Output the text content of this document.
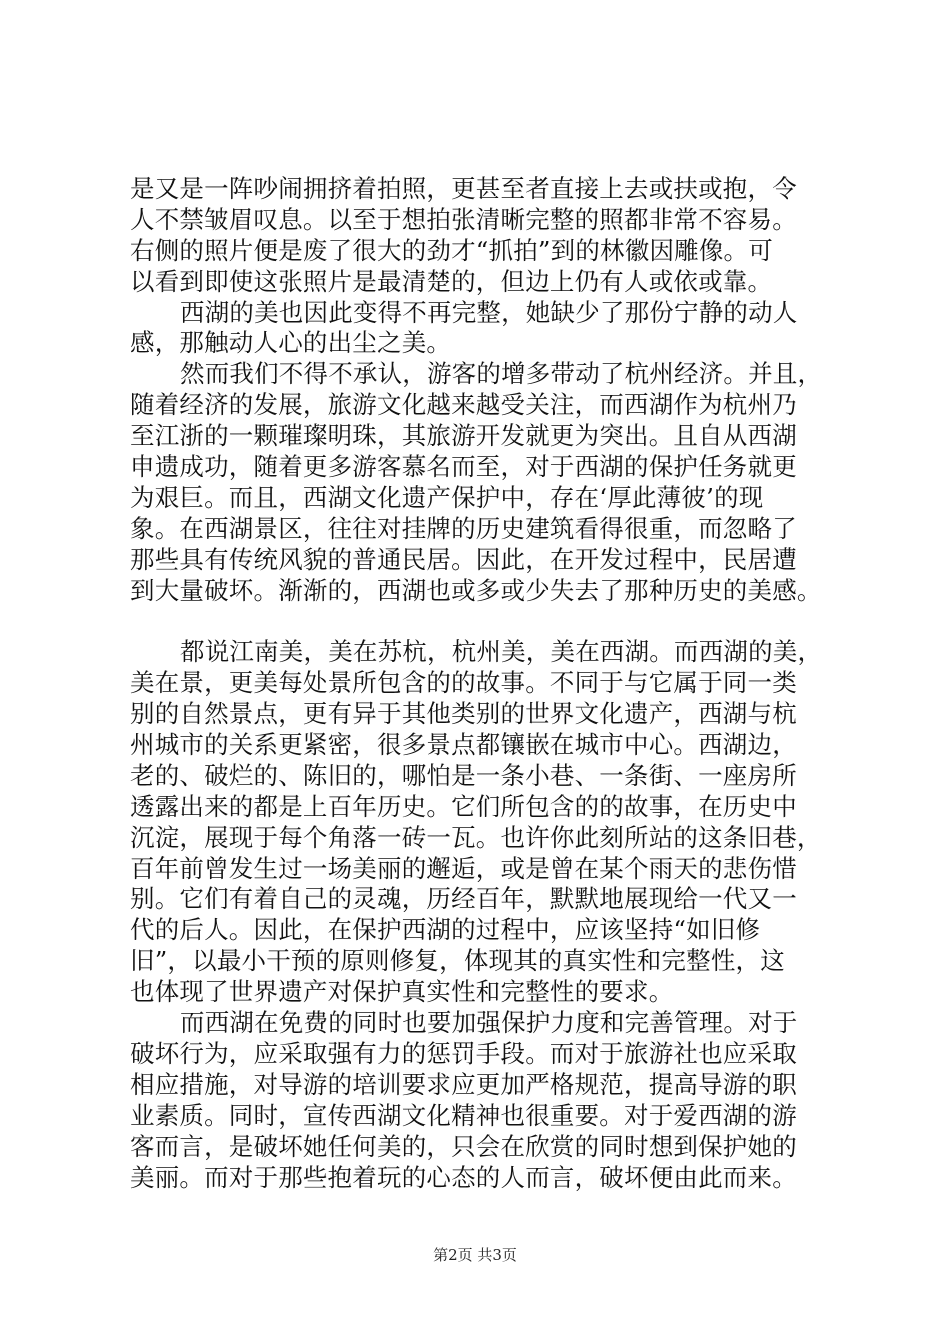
是又是一阵吵闹拥挤着拍照，更甚至者直接上去或扶或抱，令
人不禁皱眉叹息。以至于想拍张清晰完整的照都非常不容易。
右侧的照片便是废了很大的劲才“抓拍”到的林徽因雕像。可
以看到即使这张照片是最清楚的，但边上仍有人或依或靠。
西湖的美也因此变得不再完整，她缺少了那份宁静的动人
感，那触动人心的出尘之美。
然而我们不得不承认，游客的增多带动了杭州经济。并且，
随着经济的发展，旅游文化越来越受关注，而西湖作为杭州乃
至江浙的一颗璀璨明珠，其旅游开发就更为突出。且自从西湖
申遗成功，随着更多游客慕名而至，对于西湖的保护任务就更
为艰巨。而且，西湖文化遗产保护中，存在‘厚此薄彼’的现
象。在西湖景区，往往对挂牌的历史建筑看得很重，而忽略了
那些具有传统风貌的普通民居。因此，在开发过程中，民居遭
到大量破坏。渐渐的，西湖也或多或少失去了那种历史的美感。
都说江南美，美在苏杭，杭州美，美在西湖。而西湖的美，
美在景，更美每处景所包含的的故事。不同于与它属于同一类
别的自然景点，更有异于其他类别的世界文化遗产，西湖与杭
州城市的关系更紧密，很多景点都镶嵌在城市中心。西湖边，
老的、破烂的、陈旧的，哪怕是一条小巷、一条街、一座房所
透露出来的都是上百年历史。它们所包含的的故事，在历史中
沉淀，展现于每个角落一砖一瓦。也许你此刻所站的这条旧巷，
百年前曾发生过一场美丽的邂逅，或是曾在某个雨天的悲伤惜
别。它们有着自己的灵魂，历经百年，默默地展现给一代又一
代的后人。因此，在保护西湖的过程中，应该坚持“如旧修
旧”，以最小干预的原则修复，体现其的真实性和完整性，这
也体现了世界遗产对保护真实性和完整性的要求。
而西湖在免费的同时也要加强保护力度和完善管理。对于
破坏行为，应采取强有力的惩罚手段。而对于旅游社也应采取
相应措施，对导游的培训要求应更加严格规范，提高导游的职
业素质。同时，宣传西湖文化精神也很重要。对于爱西湖的游
客而言，是破坏她任何美的，只会在欣赏的同时想到保护她的
美丽。而对于那些抱着玩的心态的人而言，破坏便由此而来。
第2页 共3页
